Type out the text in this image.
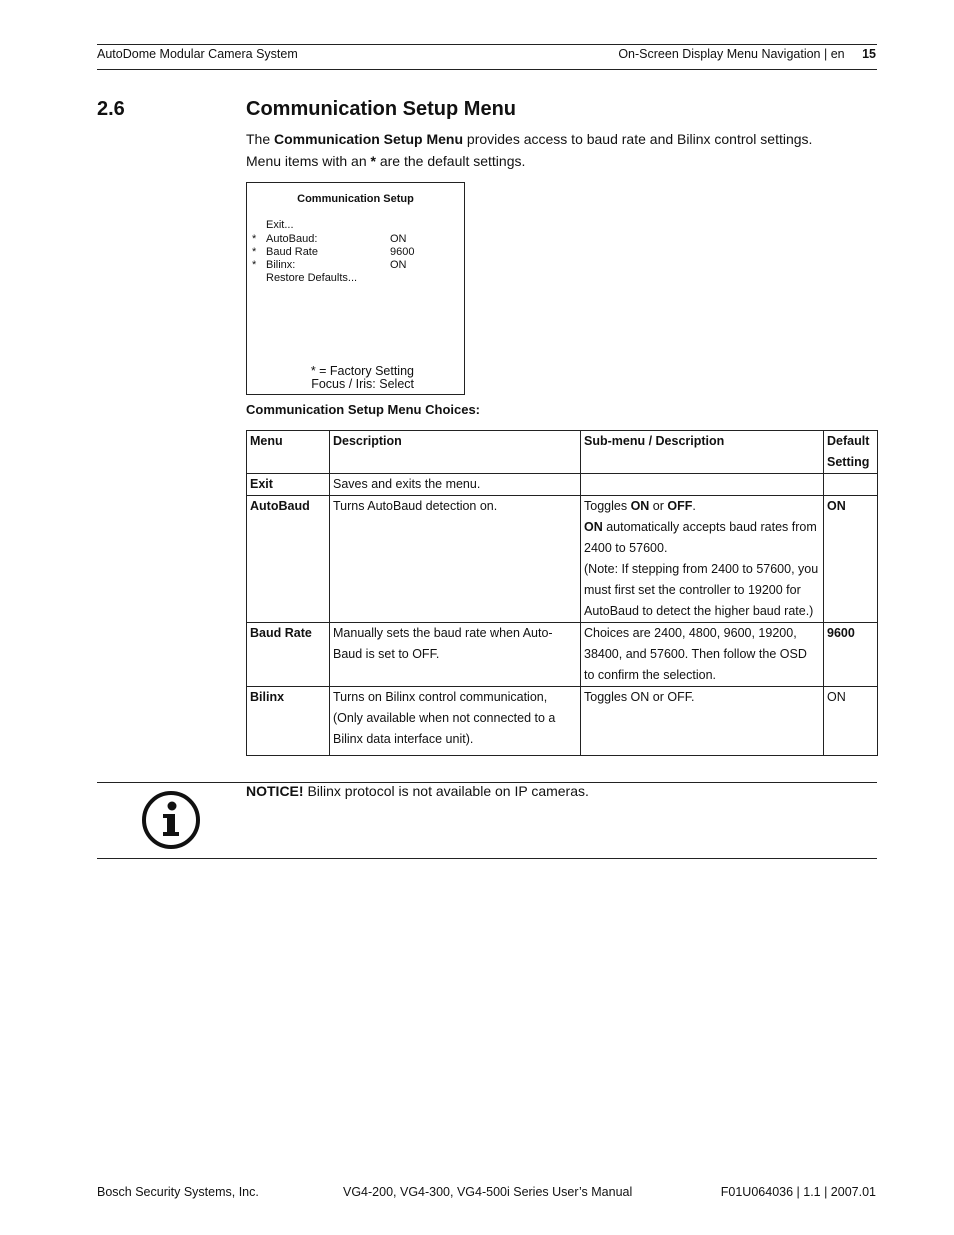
AutoDome Modular Camera System	On-Screen Display Menu Navigation | en 15
2.6	Communication Setup Menu
The Communication Setup Menu provides access to baud rate and Bilinx control settings.
Menu items with an * are the default settings.
Communication Setup
Exit...
* AutoBaud:	ON
* Baud Rate	9600
* Bilinx:	ON
Restore Defaults...
* = Factory Setting
Focus / Iris: Select
Communication Setup Menu Choices:
Menu	Description	Sub-menu / Description	Default Setting
Exit	Saves and exits the menu.		
AutoBaud	Turns AutoBaud detection on.	Toggles ON or OFF.
ON automatically accepts baud rates from 2400 to 57600.
(Note: If stepping from 2400 to 57600, you must first set the controller to 19200 for AutoBaud to detect the higher baud rate.)	ON
Baud Rate	Manually sets the baud rate when Auto-Baud is set to OFF.	Choices are 2400, 4800, 9600, 19200, 38400, and 57600. Then follow the OSD to confirm the selection.	9600
Bilinx	Turns on Bilinx control communication, (Only available when not connected to a Bilinx data interface unit).	Toggles ON or OFF.	ON
NOTICE! Bilinx protocol is not available on IP cameras.
Bosch Security Systems, Inc.	VG4-200, VG4-300, VG4-500i Series User’s Manual	F01U064036 | 1.1 | 2007.01
